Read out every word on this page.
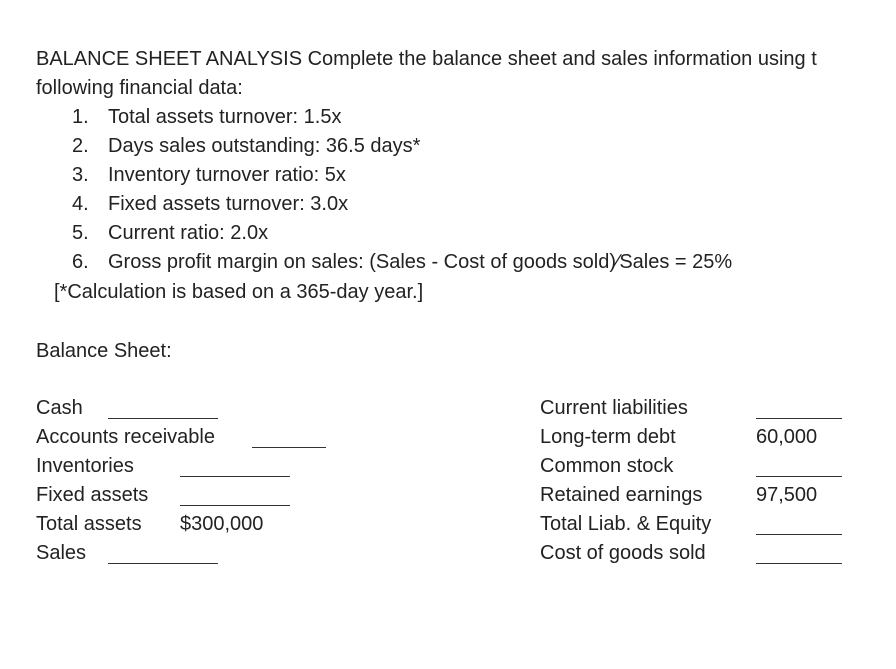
BALANCE SHEET ANALYSIS Complete the balance sheet and sales information using t
following financial data:
1. Total assets turnover: 1.5x
2. Days sales outstanding: 36.5 days*
3. Inventory turnover ratio: 5x
4. Fixed assets turnover: 3.0x
5. Current ratio: 2.0x
6. Gross profit margin on sales: (Sales - Cost of goods sold)∕Sales = 25%
[*Calculation is based on a 365-day year.]
Balance Sheet:
Cash
Accounts receivable
Inventories
Fixed assets
Total assets
Sales
$300,000
Current liabilities
Long-term debt
Common stock
Retained earnings
Total Liab. & Equity
Cost of goods sold
60,000
97,500
